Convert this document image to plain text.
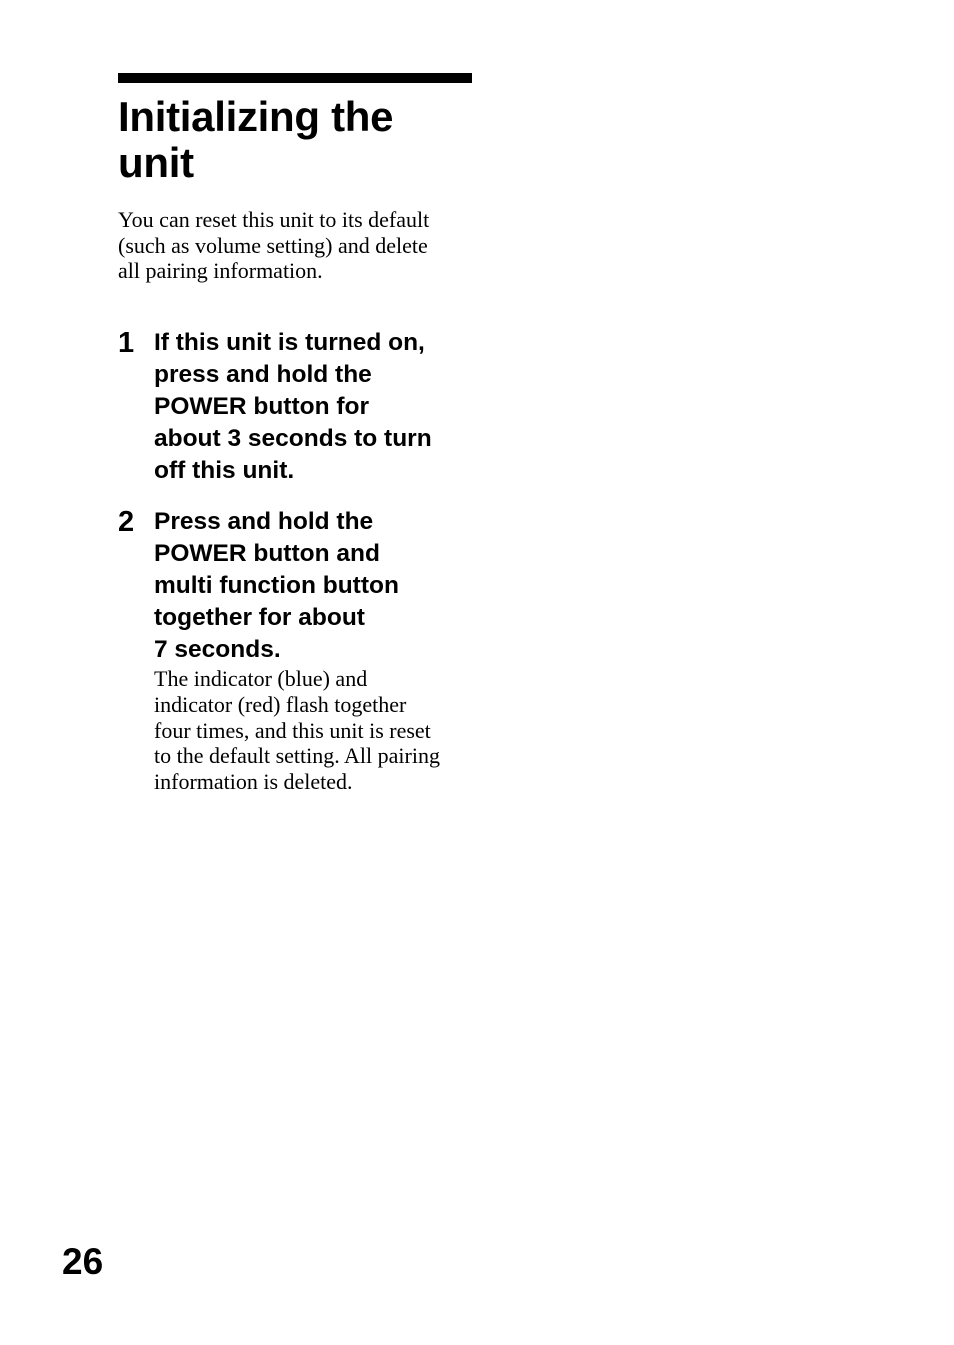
Initializing the
unit

You can reset this unit to its default
(such as volume setting) and delete
all pairing information.

1 If this unit is turned on,
press and hold the
POWER button for
about 3 seconds to turn
off this unit.

2 Press and hold the
POWER button and
multi function button
together for about
7 seconds.

The indicator (blue) and
indicator (red) flash together
four times, and this unit is reset
to the default setting. All pairing
information is deleted.

26
